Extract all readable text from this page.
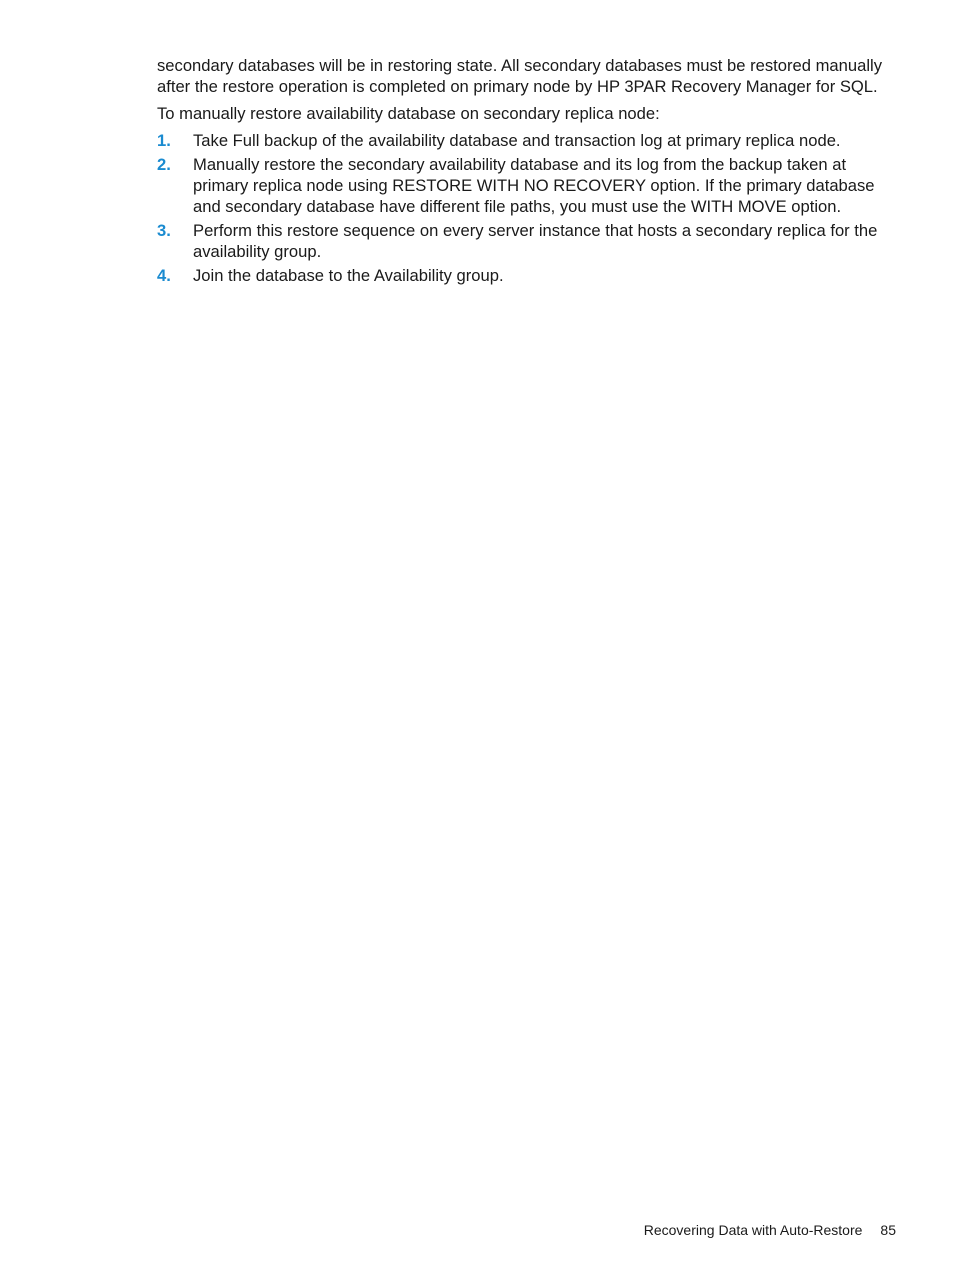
secondary databases will be in restoring state. All secondary databases must be restored manually after the restore operation is completed on primary node by HP 3PAR Recovery Manager for SQL.

To manually restore availability database on secondary replica node:

1. Take Full backup of the availability database and transaction log at primary replica node.
2. Manually restore the secondary availability database and its log from the backup taken at primary replica node using RESTORE WITH NO RECOVERY option. If the primary database and secondary database have different file paths, you must use the WITH MOVE option.
3. Perform this restore sequence on every server instance that hosts a secondary replica for the availability group.
4. Join the database to the Availability group.
Recovering Data with Auto-Restore 85
